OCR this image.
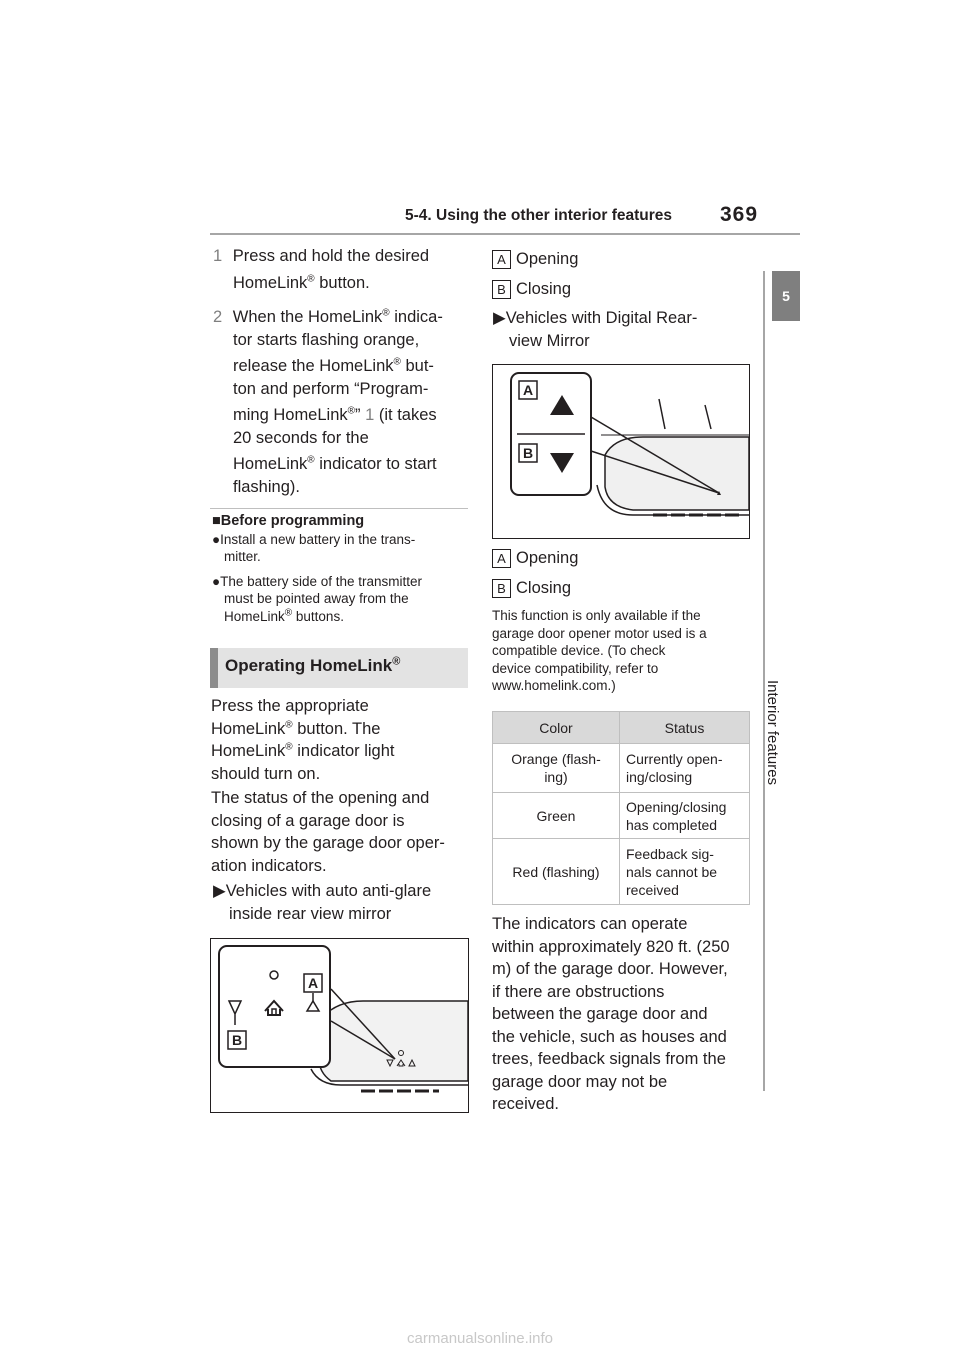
5-4. Using the other interior features 369
5
Interior features
1 Press and hold the desired
HomeLink® button.
2 When the HomeLink® indica-
tor starts flashing orange,
release the HomeLink® but-
ton and perform “Program-
ming HomeLink®” 1 (it takes
20 seconds for the
HomeLink® indicator to start
flashing).
■Before programming
●Install a new battery in the trans-
mitter.
●The battery side of the transmitter
must be pointed away from the
HomeLink® buttons.
Operating HomeLink®
Press the appropriate
HomeLink® button. The
HomeLink® indicator light
should turn on.
The status of the opening and
closing of a garage door is
shown by the garage door oper-
ation indicators.
▶Vehicles with auto anti-glare
inside rear view mirror
A
B
A Opening
B Closing
▶Vehicles with Digital Rear-
view Mirror
A
B
A Opening
B Closing
This function is only available if the
garage door opener motor used is a
compatible device. (To check
device compatibility, refer to
www.homelink.com.)
Color	Status
Orange (flash-
ing)	Currently open-
ing/closing
Green	Opening/closing
has completed
Red (flashing)	Feedback sig-
nals cannot be
received
The indicators can operate
within approximately 820 ft. (250
m) of the garage door. However,
if there are obstructions
between the garage door and
the vehicle, such as houses and
trees, feedback signals from the
garage door may not be
received.
carmanualsonline.info
